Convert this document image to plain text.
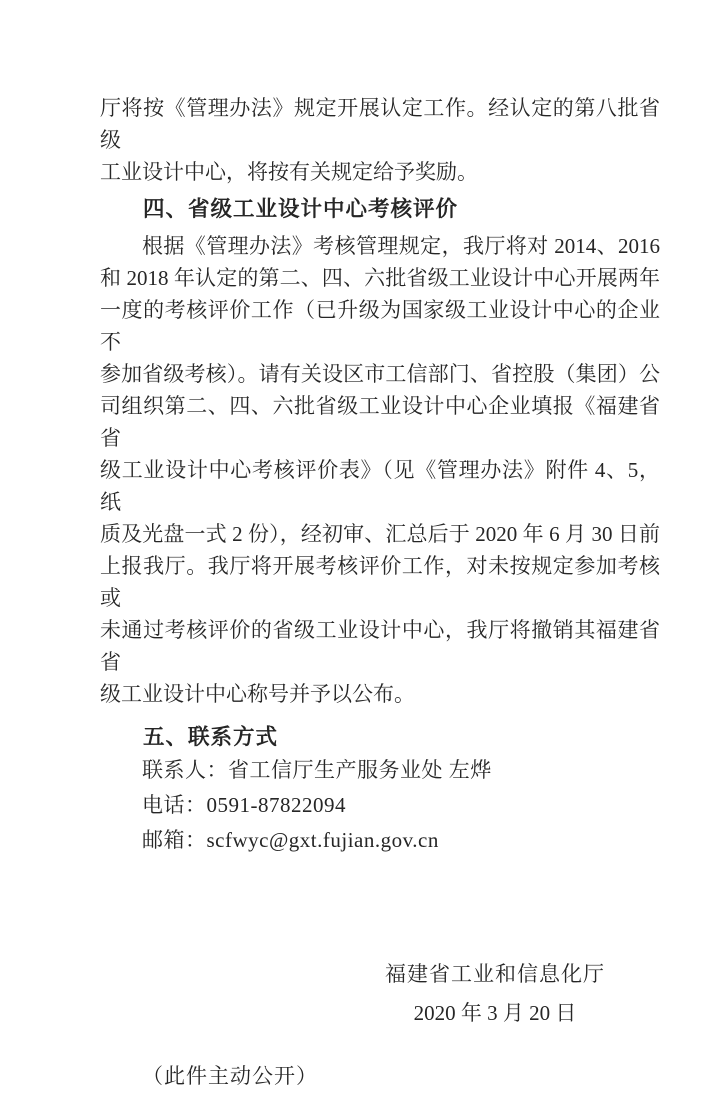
厅将按《管理办法》规定开展认定工作。经认定的第八批省级
工业设计中心，将按有关规定给予奖励。
四、省级工业设计中心考核评价
根据《管理办法》考核管理规定，我厅将对 2014、2016
和 2018 年认定的第二、四、六批省级工业设计中心开展两年
一度的考核评价工作（已升级为国家级工业设计中心的企业不
参加省级考核）。请有关设区市工信部门、省控股（集团）公
司组织第二、四、六批省级工业设计中心企业填报《福建省省
级工业设计中心考核评价表》（见《管理办法》附件 4、5，纸
质及光盘一式 2 份），经初审、汇总后于 2020 年 6 月 30 日前
上报我厅。我厅将开展考核评价工作，对未按规定参加考核或
未通过考核评价的省级工业设计中心，我厅将撤销其福建省省
级工业设计中心称号并予以公布。
五、联系方式
联系人：省工信厅生产服务业处 左烨
电话：0591-87822094
邮箱：scfwyc@gxt.fujian.gov.cn
福建省工业和信息化厅
2020 年 3 月 20 日
（此件主动公开）
